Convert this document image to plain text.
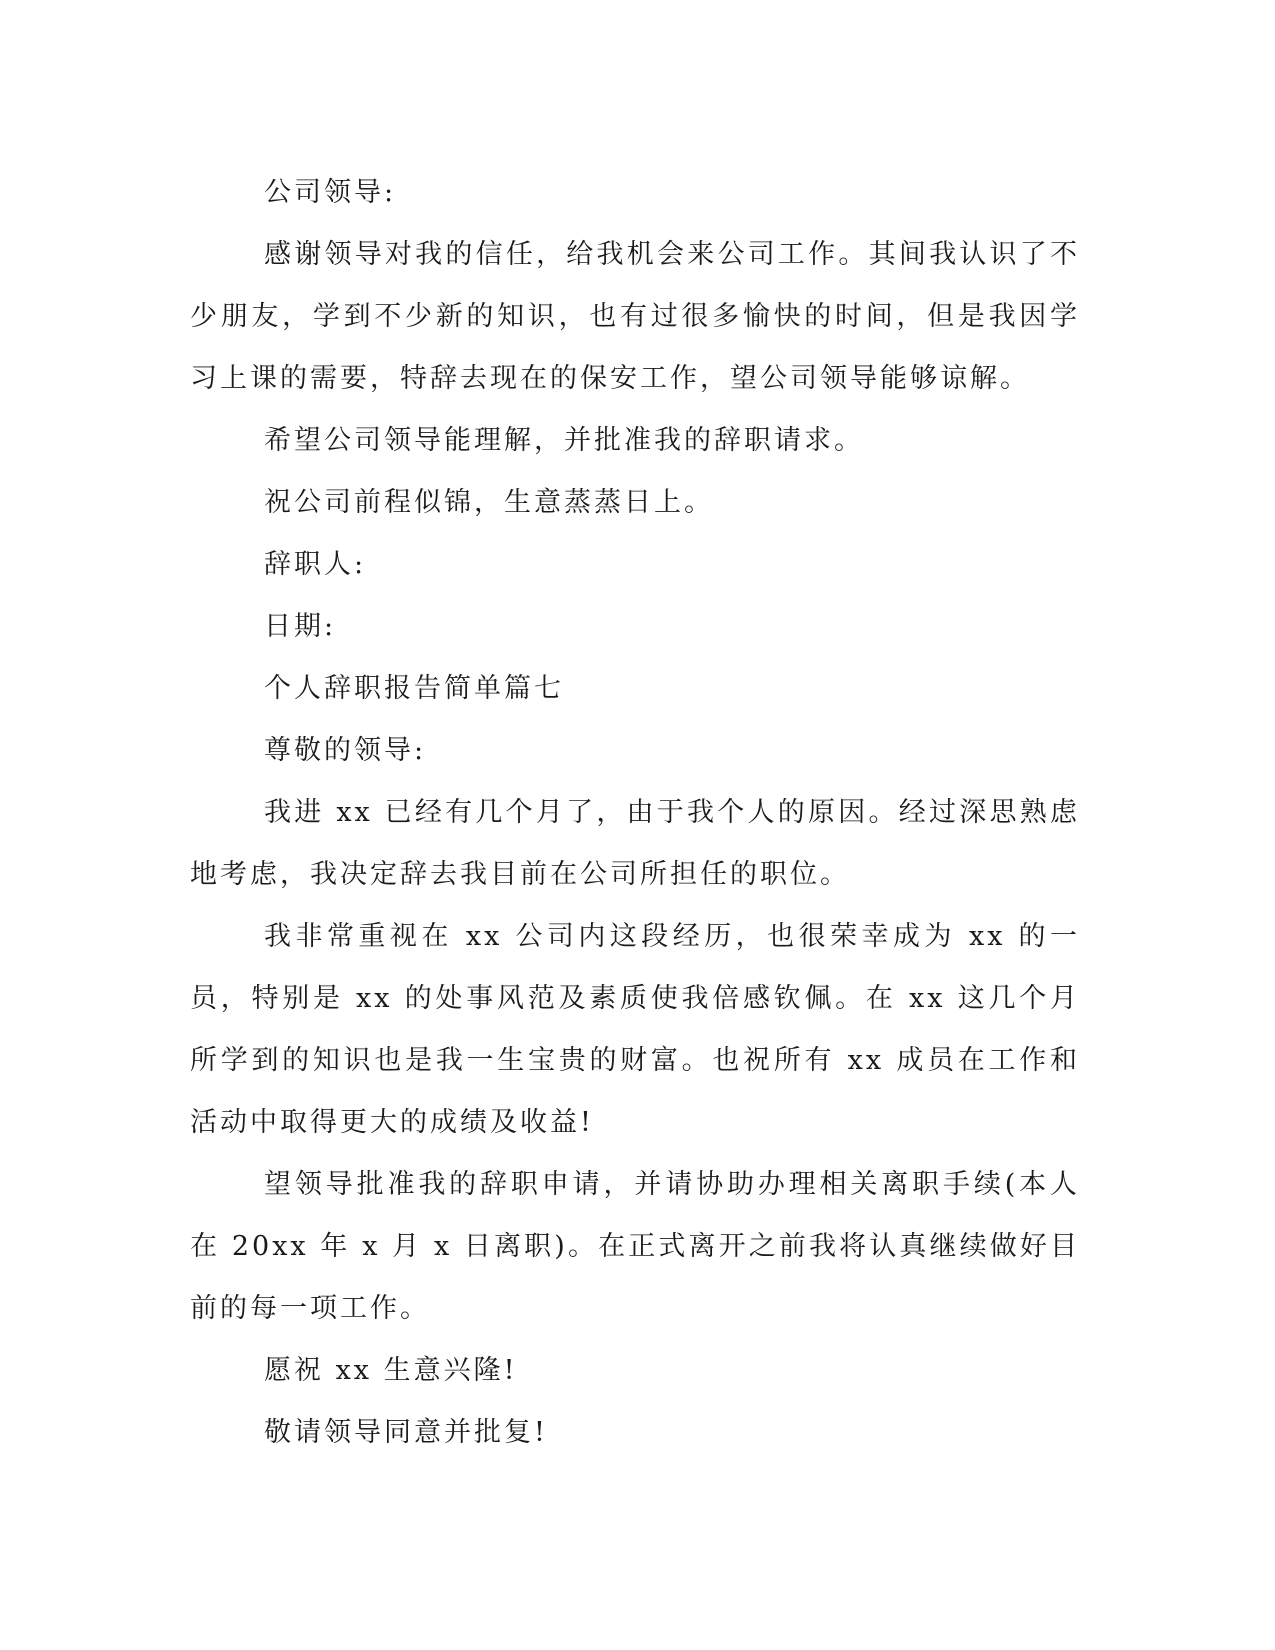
公司领导:

感谢领导对我的信任，给我机会来公司工作。其间我认识了不少朋友，学到不少新的知识，也有过很多愉快的时间，但是我因学习上课的需要，特辞去现在的保安工作，望公司领导能够谅解。

希望公司领导能理解，并批准我的辞职请求。

祝公司前程似锦，生意蒸蒸日上。

辞职人:

日期:

个人辞职报告简单篇七

尊敬的领导:

我进 xx 已经有几个月了，由于我个人的原因。经过深思熟虑地考虑，我决定辞去我目前在公司所担任的职位。

我非常重视在 xx 公司内这段经历，也很荣幸成为 xx 的一员，特别是 xx 的处事风范及素质使我倍感钦佩。在 xx 这几个月所学到的知识也是我一生宝贵的财富。也祝所有 xx 成员在工作和活动中取得更大的成绩及收益!

望领导批准我的辞职申请，并请协助办理相关离职手续(本人在 20xx 年 x 月 x 日离职)。在正式离开之前我将认真继续做好目前的每一项工作。

愿祝 xx 生意兴隆!

敬请领导同意并批复!
